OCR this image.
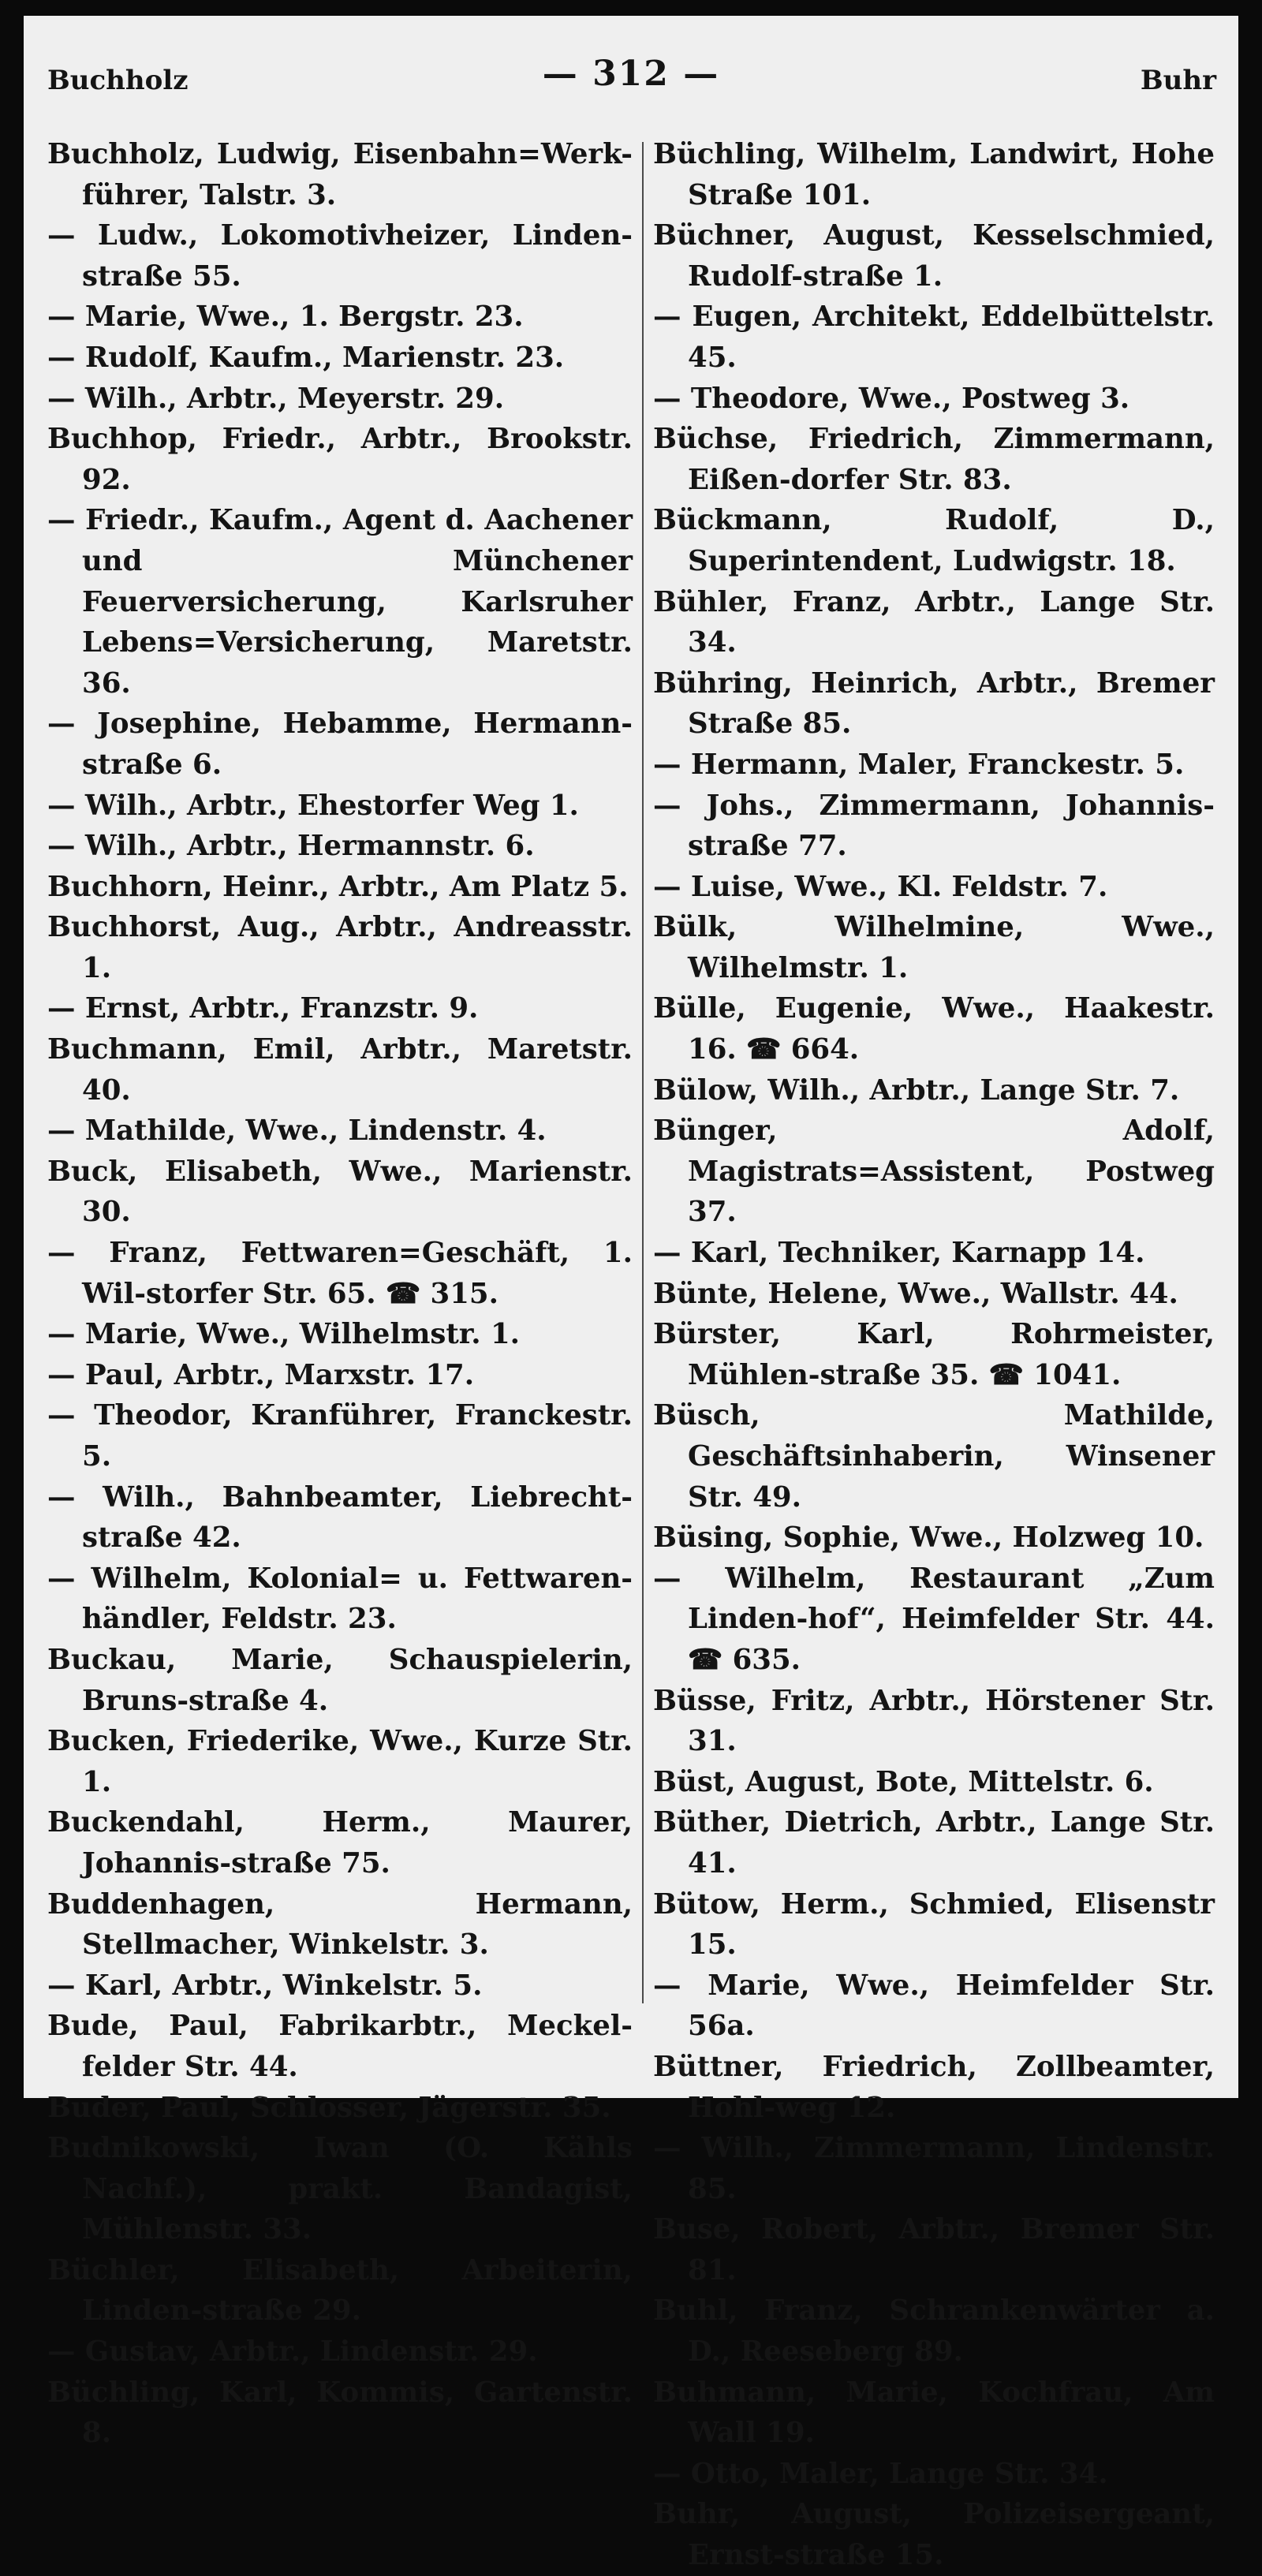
Buchholz	— 312 —	Buhr
Buchholz, Ludwig, Eisenbahn=Werk-führer, Talstr. 3.
— Ludw., Lokomotivheizer, Linden-straße 55.
— Marie, Wwe., 1. Bergstr. 23.
— Rudolf, Kaufm., Marienstr. 23.
— Wilh., Arbtr., Meyerstr. 29.
Buchhop, Friedr., Arbtr., Brookstr. 92.
— Friedr., Kaufm., Agent d. Aachener und Münchener Feuerversicherung, Karlsruher Lebens=Versicherung, Maretstr. 36.
— Josephine, Hebamme, Hermann-straße 6.
— Wilh., Arbtr., Ehestorfer Weg 1.
— Wilh., Arbtr., Hermannstr. 6.
Buchhorn, Heinr., Arbtr., Am Platz 5.
Buchhorst, Aug., Arbtr., Andreasstr. 1.
— Ernst, Arbtr., Franzstr. 9.
Buchmann, Emil, Arbtr., Maretstr. 40.
— Mathilde, Wwe., Lindenstr. 4.
Buck, Elisabeth, Wwe., Marienstr. 30.
— Franz, Fettwaren=Geschäft, 1. Wil-storfer Str. 65. ☎ 315.
— Marie, Wwe., Wilhelmstr. 1.
— Paul, Arbtr., Marxstr. 17.
— Theodor, Kranführer, Franckestr. 5.
— Wilh., Bahnbeamter, Liebrecht-straße 42.
— Wilhelm, Kolonial= u. Fettwaren-händler, Feldstr. 23.
Buckau, Marie, Schauspielerin, Bruns-straße 4.
Bucken, Friederike, Wwe., Kurze Str. 1.
Buckendahl, Herm., Maurer, Johannis-straße 75.
Buddenhagen, Hermann, Stellmacher, Winkelstr. 3.
— Karl, Arbtr., Winkelstr. 5.
Bude, Paul, Fabrikarbtr., Meckel-felder Str. 44.
Buder, Paul, Schlosser, Jägerstr. 35.
Budnikowski, Iwan (O. Kähls Nachf.), prakt. Bandagist, Mühlenstr. 33.
Büchler, Elisabeth, Arbeiterin, Linden-straße 29.
— Gustav, Arbtr., Lindenstr. 29.
Büchling, Karl, Kommis, Gartenstr. 8.
Büchling, Wilhelm, Landwirt, Hohe Straße 101.
Büchner, August, Kesselschmied, Rudolf-straße 1.
— Eugen, Architekt, Eddelbüttelstr. 45.
— Theodore, Wwe., Postweg 3.
Büchse, Friedrich, Zimmermann, Eißen-dorfer Str. 83.
Bückmann, Rudolf, D., Superintendent, Ludwigstr. 18.
Bühler, Franz, Arbtr., Lange Str. 34.
Bühring, Heinrich, Arbtr., Bremer Straße 85.
— Hermann, Maler, Franckestr. 5.
— Johs., Zimmermann, Johannis-straße 77.
— Luise, Wwe., Kl. Feldstr. 7.
Bülk, Wilhelmine, Wwe., Wilhelmstr. 1.
Bülle, Eugenie, Wwe., Haakestr. 16. ☎ 664.
Bülow, Wilh., Arbtr., Lange Str. 7.
Bünger, Adolf, Magistrats=Assistent, Postweg 37.
— Karl, Techniker, Karnapp 14.
Bünte, Helene, Wwe., Wallstr. 44.
Bürster, Karl, Rohrmeister, Mühlen-straße 35. ☎ 1041.
Büsch, Mathilde, Geschäftsinhaberin, Winsener Str. 49.
Büsing, Sophie, Wwe., Holzweg 10.
— Wilhelm, Restaurant „Zum Linden-hof“, Heimfelder Str. 44. ☎ 635.
Büsse, Fritz, Arbtr., Hörstener Str. 31.
Büst, August, Bote, Mittelstr. 6.
Büther, Dietrich, Arbtr., Lange Str. 41.
Bütow, Herm., Schmied, Elisenstr 15.
— Marie, Wwe., Heimfelder Str. 56a.
Büttner, Friedrich, Zollbeamter, Hohl-weg 12.
— Wilh., Zimmermann, Lindenstr. 85.
Buse, Robert, Arbtr., Bremer Str. 81.
Buhl, Franz, Schrankenwärter a. D., Reeseberg 89.
Buhmann, Marie, Kochfrau, Am Wall 19.
— Otto, Maler, Lange Str. 34.
Buhr, August, Polizeisergeant, Ernst-straße 15.
